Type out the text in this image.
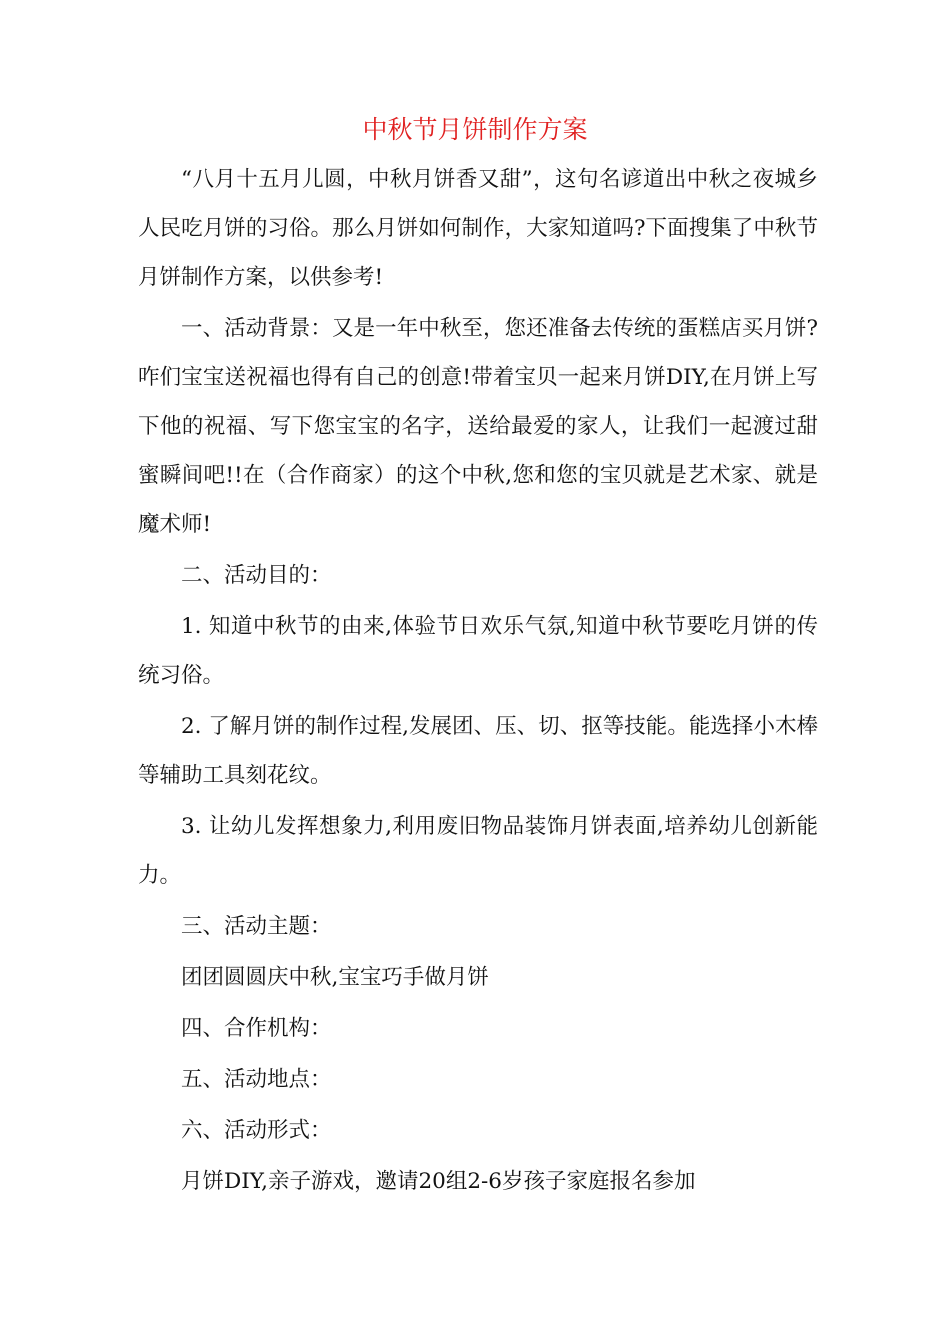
中秋节月饼制作方案

“八月十五月儿圆，中秋月饼香又甜”，这句名谚道出中秋之夜城乡人民吃月饼的习俗。那么月饼如何制作，大家知道吗?下面搜集了中秋节月饼制作方案，以供参考!

一、活动背景：又是一年中秋至，您还准备去传统的蛋糕店买月饼?咋们宝宝送祝福也得有自己的创意!带着宝贝一起来月饼DIY,在月饼上写下他的祝福、写下您宝宝的名字，送给最爱的家人，让我们一起渡过甜蜜瞬间吧!!在（合作商家）的这个中秋,您和您的宝贝就是艺术家、就是魔术师!

二、活动目的：

1. 知道中秋节的由来,体验节日欢乐气氛,知道中秋节要吃月饼的传统习俗。

2. 了解月饼的制作过程,发展团、压、切、抠等技能。能选择小木棒等辅助工具刻花纹。

3. 让幼儿发挥想象力,利用废旧物品装饰月饼表面,培养幼儿创新能力。

三、活动主题：

团团圆圆庆中秋,宝宝巧手做月饼

四、合作机构：

五、活动地点：

六、活动形式：

月饼DIY,亲子游戏，邀请20组2-6岁孩子家庭报名参加
